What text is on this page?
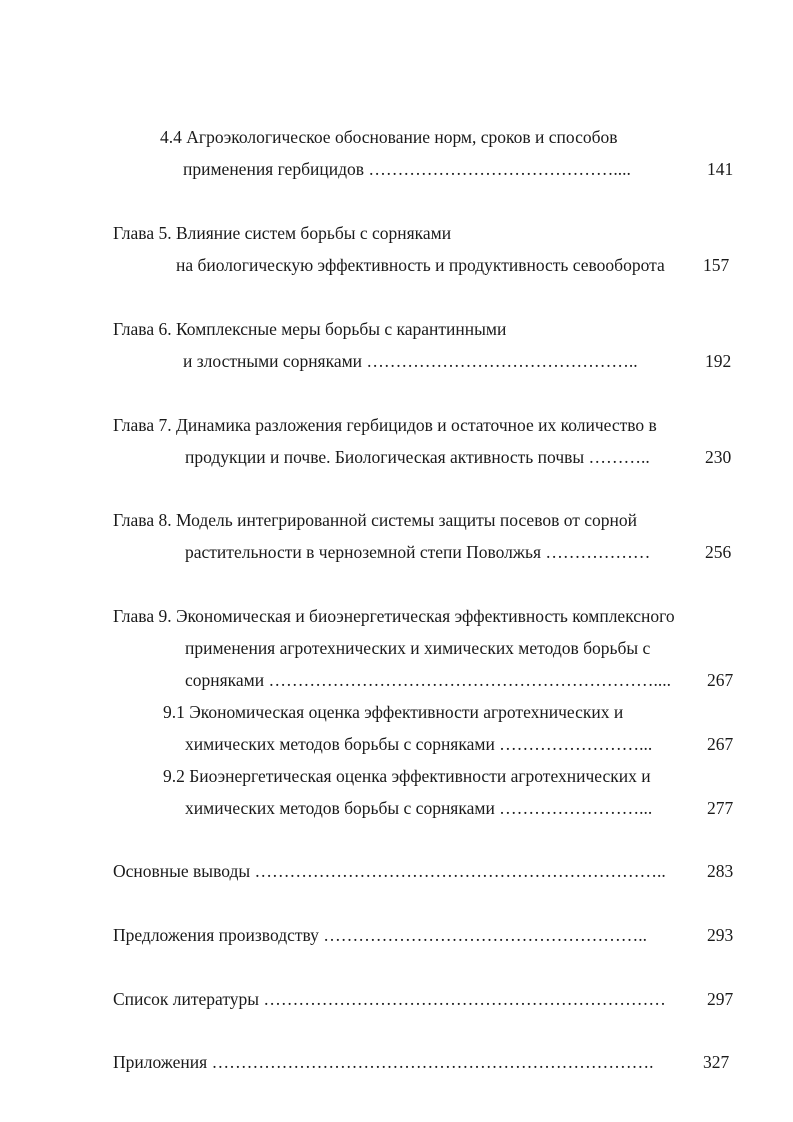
4.4 Агроэкологическое обоснование норм, сроков и способов
применения гербицидов ……………………………………....	141
Глава 5. Влияние систем борьбы с сорняками
на биологическую эффективность и продуктивность севооборота 157
Глава 6. Комплексные меры борьбы с карантинными
и злостными сорняками ………………………………………..	192
Глава 7. Динамика разложения гербицидов и остаточное их количество в
продукции и почве. Биологическая активность почвы ………..	230
Глава 8. Модель интегрированной системы защиты посевов от сорной
растительности в черноземной степи Поволжья ………………	256
Глава 9. Экономическая и биоэнергетическая эффективность комплексного
применения агротехнических и химических методов борьбы с
сорняками ………………………………………………………….... 267
9.1 Экономическая оценка эффективности агротехнических и
химических методов борьбы с сорняками ……………………...	267
9.2 Биоэнергетическая оценка эффективности агротехнических и
химических методов борьбы с сорняками ……………………...	277
Основные выводы …………………………………………………………….. 283
Предложения производству ………………………………………………..	293
Список литературы …………………………………………………………… 297
Приложения ………………………………………………………………….	327
